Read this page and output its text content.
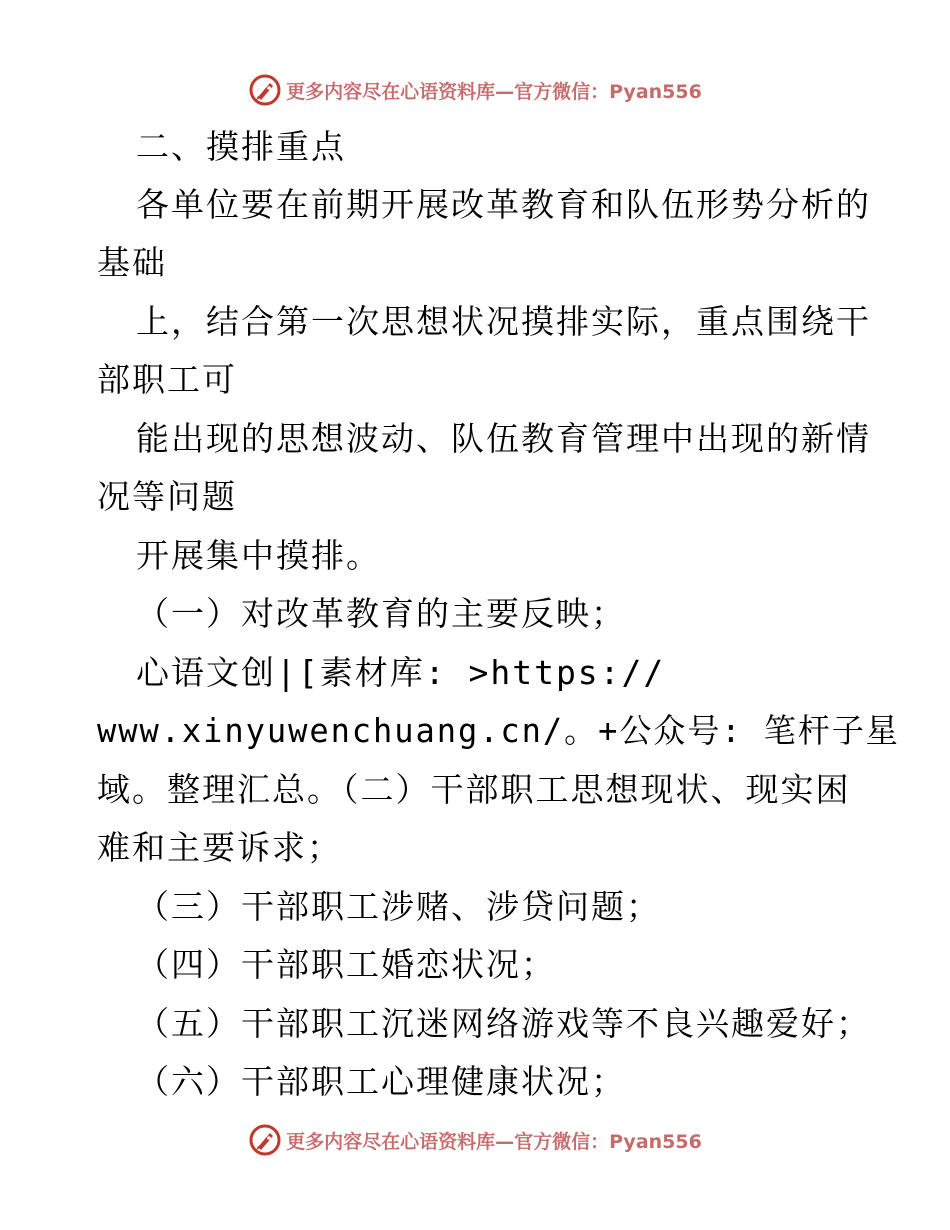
更多内容尽在心语资料库—官方微信：Pyan556
二、摸排重点
各单位要在前期开展改革教育和队伍形势分析的
基础
上，结合第一次思想状况摸排实际，重点围绕干
部职工可
能出现的思想波动、队伍教育管理中出现的新情
况等问题
开展集中摸排。
（一）对改革教育的主要反映；
心语文创|[素材库: >https://
www.xinyuwenchuang.cn/。+公众号: 笔杆子星
域。整理汇总。（二）干部职工思想现状、现实困
难和主要诉求；
（三）干部职工涉赌、涉贷问题；
（四）干部职工婚恋状况；
（五）干部职工沉迷网络游戏等不良兴趣爱好；
（六）干部职工心理健康状况；
更多内容尽在心语资料库—官方微信：Pyan556
